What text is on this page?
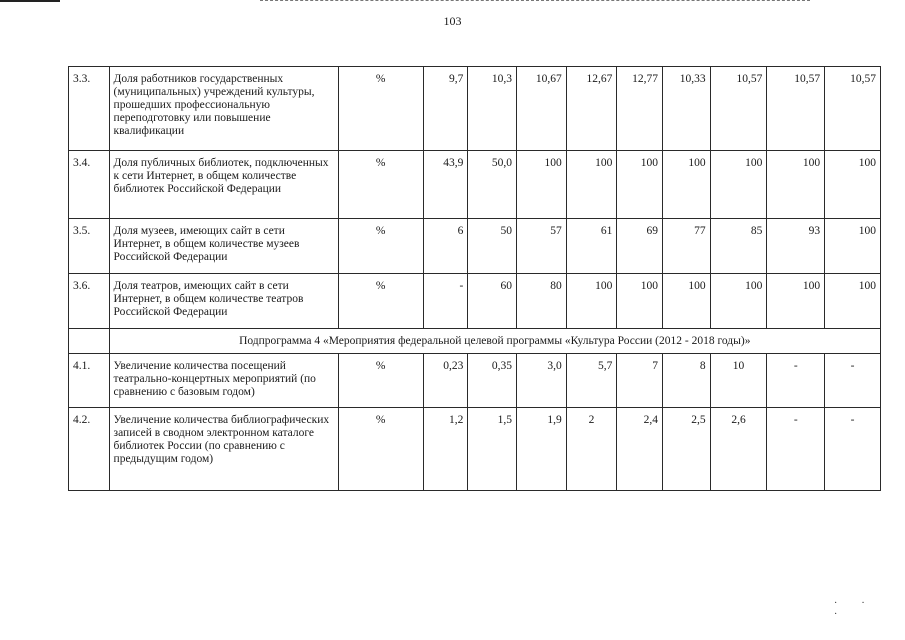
103
3.3.	Доля работников государственных (муниципальных) учреждений культуры, прошедших профессиональную переподготовку или повышение квалификации	%	9,7	10,3	10,67	12,67	12,77	10,33	10,57	10,57	10,57
3.4.	Доля публичных библиотек, подключенных к сети Интернет, в общем количестве библиотек Российской Федерации	%	43,9	50,0	100	100	100	100	100	100	100
3.5.	Доля музеев, имеющих сайт в сети Интернет, в общем количестве музеев Российской Федерации	%	6	50	57	61	69	77	85	93	100
3.6.	Доля театров, имеющих сайт в сети Интернет, в общем количестве театров Российской Федерации	%	-	60	80	100	100	100	100	100	100
	Подпрограмма 4 «Мероприятия федеральной целевой программы «Культура России (2012 - 2018 годы)»										
4.1.	Увеличение количества посещений театрально-концертных мероприятий (по сравнению с базовым годом)	%	0,23	0,35	3,0	5,7	7	8	10	-	-
4.2.	Увеличение количества библиографических записей в сводном электронном каталоге библиотек России (по сравнению с предыдущим годом)	%	1,2	1,5	1,9	2	2,4	2,5	2,6	-	-
·· ·
